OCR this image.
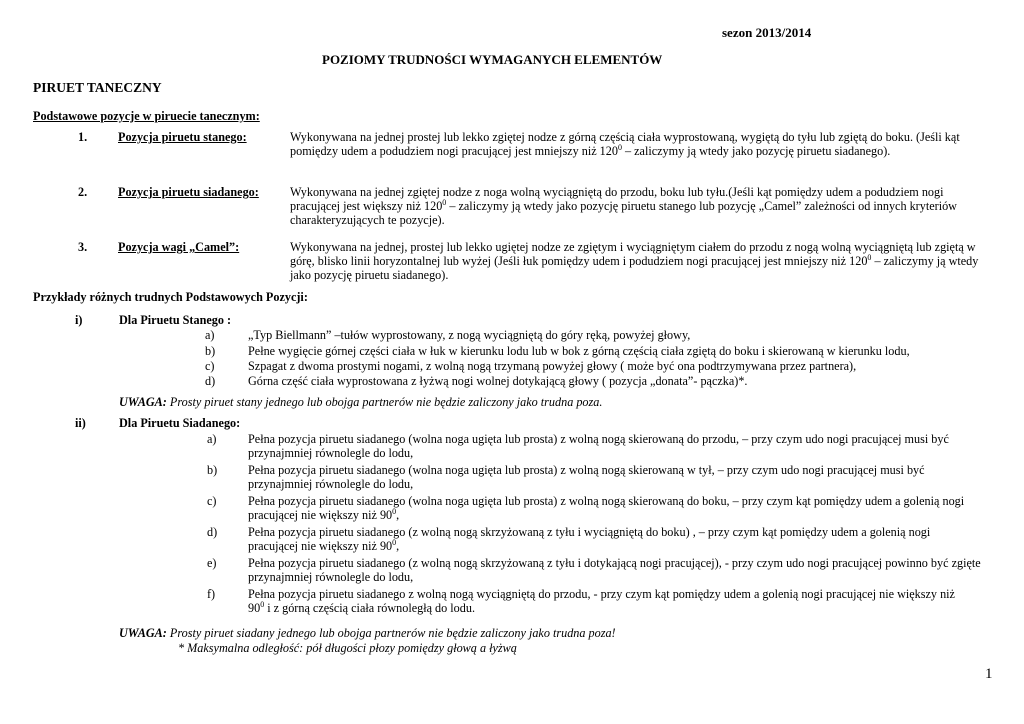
sezon 2013/2014
POZIOMY TRUDNOŚCI WYMAGANYCH ELEMENTÓW
PIRUET TANECZNY
Podstawowe pozycje w piruecie tanecznym:
1.	Pozycja piruetu stanego:	Wykonywana na jednej prostej lub lekko zgiętej nodze z górną częścią ciała wyprostowaną, wygiętą do tyłu lub zgiętą do boku. (Jeśli kąt pomiędzy udem a podudziem nogi pracującej jest mniejszy niż $120^0$ – zaliczymy ją wtedy jako pozycję piruetu siadanego).
2.	Pozycja piruetu siadanego:	Wykonywana na jednej zgiętej nodze z noga wolną wyciągniętą do przodu, boku lub tyłu.(Jeśli kąt pomiędzy udem a podudziem nogi pracującej jest większy niż $120^0$ – zaliczymy ją wtedy jako pozycję piruetu stanego lub pozycję „Camel” zależności od innych kryteriów charakteryzujących te pozycje).
3.	Pozycja wagi „Camel”:	Wykonywana na jednej, prostej lub lekko ugiętej nodze ze zgiętym i wyciągniętym ciałem do przodu z nogą wolną wyciągniętą lub zgiętą w górę, blisko linii horyzontalnej lub wyżej (Jeśli łuk pomiędzy udem i podudziem nogi pracującej jest mniejszy niż $120^0$ – zaliczymy ją wtedy jako pozycję piruetu siadanego).
Przykłady różnych trudnych Podstawowych Pozycji:
i)	Dla Piruetu Stanego :
a)	„Typ Biellmann” –tułów wyprostowany, z nogą wyciągniętą do góry ręką, powyżej głowy,
b)	Pełne wygięcie górnej części ciała w łuk w kierunku lodu lub w bok z górną częścią ciała zgiętą do boku i skierowaną w kierunku lodu,
c)	Szpagat z dwoma prostymi nogami, z wolną nogą trzymaną powyżej głowy ( może być ona podtrzymywana przez partnera),
d)	Górna część ciała wyprostowana z łyżwą nogi wolnej dotykającą głowy ( pozycja „donata”- pączka)*.
UWAGA: Prosty piruet stany jednego lub obojga partnerów nie będzie zaliczony jako trudna poza.
ii)	Dla Piruetu Siadanego:
a)	Pełna pozycja piruetu siadanego (wolna noga ugięta lub prosta) z wolną nogą skierowaną do przodu, – przy czym udo nogi pracującej musi być przynajmniej równolegle do lodu,
b)	Pełna pozycja piruetu siadanego (wolna noga ugięta lub prosta) z wolną nogą skierowaną w tył, – przy czym udo nogi pracującej musi być przynajmniej równolegle do lodu,
c)	Pełna pozycja piruetu siadanego (wolna noga ugięta lub prosta) z wolną nogą skierowaną do boku, – przy czym kąt pomiędzy udem a golenią nogi pracującej nie większy niż $90^0$,
d)	Pełna pozycja piruetu siadanego (z wolną nogą skrzyżowaną z tyłu i wyciągniętą do boku) , – przy czym kąt pomiędzy udem a golenią nogi pracującej nie większy niż $90^0$,
e)	Pełna pozycja piruetu siadanego (z wolną nogą skrzyżowaną z tyłu i dotykającą nogi pracującej), - przy czym udo nogi pracującej powinno być zgięte przynajmniej równolegle do lodu,
f)	Pełna pozycja piruetu siadanego z wolną nogą wyciągniętą do przodu, - przy czym kąt pomiędzy udem a golenią nogi pracującej nie większy niż $90^0$ i z górną częścią ciała równoległą do lodu.
UWAGA: Prosty piruet siadany jednego lub obojga partnerów nie będzie zaliczony jako trudna poza!
* Maksymalna odległość: pół długości płozy pomiędzy głową a łyżwą
1
